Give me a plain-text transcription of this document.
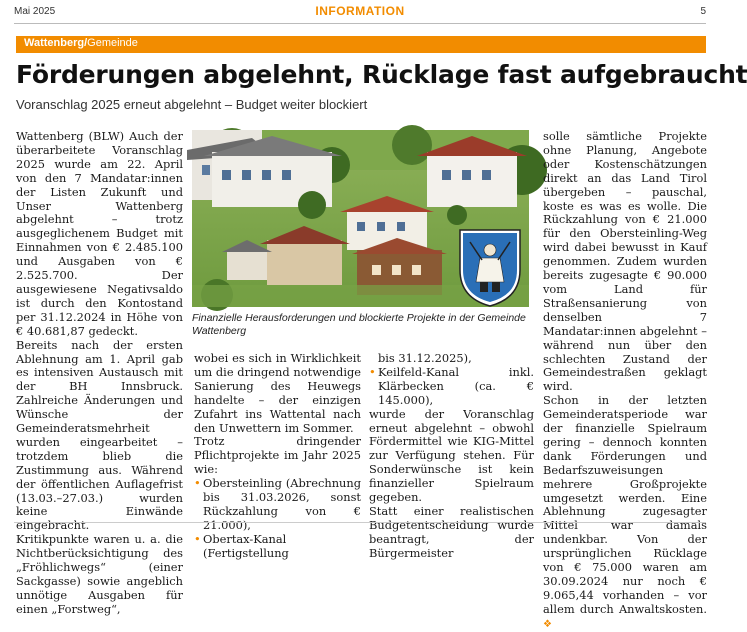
Mai 2025	INFORMATION	5
Wattenberg/Gemeinde
Förderungen abgelehnt, Rücklage fast aufgebraucht
Voranschlag 2025 erneut abgelehnt – Budget weiter blockiert

Wattenberg (BLW) Auch der überarbeitete Voranschlag 2025 wurde am 22. April von den 7 Mandatar:innen der Listen Zukunft und Unser Wattenberg abgelehnt – trotz ausgeglichenem Budget mit Einnahmen von € 2.485.100 und Ausgaben von € 2.525.700. Der ausgewiesene Negativsaldo ist durch den Kontostand per 31.12.2024 in Höhe von € 40.681,87 gedeckt.

Bereits nach der ersten Ablehnung am 1. April gab es intensiven Austausch mit der BH Innsbruck. Zahlreiche Änderungen und Wünsche der Gemeinderatsmehrheit wurden eingearbeitet – trotzdem blieb die Zustimmung aus. Während der öffentlichen Auflagefrist (13.03.–27.03.) wurden keine Einwände eingebracht.

Kritikpunkte waren u. a. die Nichtberücksichtigung des „Fröhlichwegs“ (einer Sackgasse) sowie angeblich unnötige Ausgaben für einen „Forstweg“,

Finanzielle Herausforderungen und blockierte Projekte in der Gemeinde Wattenberg

wobei es sich in Wirklichkeit um die dringend notwendige Sanierung des Heuwegs handelte – der einzigen Zufahrt ins Wattental nach den Unwettern im Sommer.

Trotz dringender Pflichtprojekte im Jahr 2025 wie:

• Obersteinling (Abrechnung bis 31.03.2026, sonst Rückzahlung von € 21.000),
• Obertax-Kanal (Fertigstellung
bis 31.12.2025),
• Keilfeld-Kanal inkl. Klärbecken (ca. € 145.000),

wurde der Voranschlag erneut abgelehnt – obwohl Fördermittel wie KIG-Mittel zur Verfügung stehen. Für Sonderwünsche ist kein finanzieller Spielraum gegeben.

Statt einer realistischen Budgetentscheidung wurde beantragt, der Bürgermeister

solle sämtliche Projekte ohne Planung, Angebote oder Kostenschätzungen direkt an das Land Tirol übergeben – pauschal, koste es was es wolle. Die Rückzahlung von € 21.000 für den Obersteinling-Weg wird dabei bewusst in Kauf genommen. Zudem wurden bereits zugesagte € 90.000 vom Land für Straßensanierung von denselben 7 Mandatar:innen abgelehnt – während nun über den schlechten Zustand der Gemeindestraßen geklagt wird.

Schon in der letzten Gemeinderatsperiode war der finanzielle Spielraum gering – dennoch konnten dank Förderungen und Bedarfszuweisungen mehrere Großprojekte umgesetzt werden. Eine Ablehnung zugesagter Mittel war damals undenkbar. Von der ursprünglichen Rücklage von € 75.000 waren am 30.09.2024 nur noch € 9.065,44 vorhanden – vor allem durch Anwaltskosten. ❖
